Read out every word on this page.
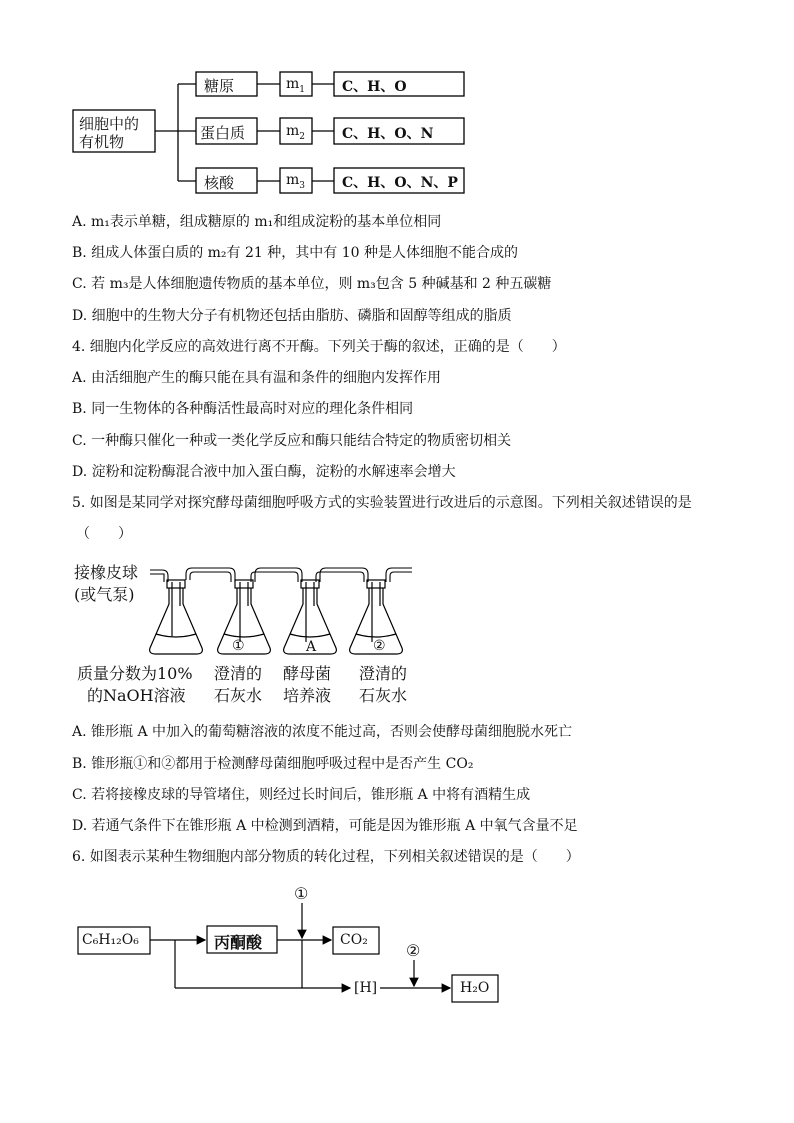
细胞中的
有机物
糖原
蛋白质
核酸
$m_1$
$m_2$
$m_3$
C、H、O
C、H、O、N
C、H、O、N、P
A. m₁表示单糖，组成糖原的 m₁和组成淀粉的基本单位相同
B. 组成人体蛋白质的 m₂有 21 种，其中有 10 种是人体细胞不能合成的
C. 若 m₃是人体细胞遗传物质的基本单位，则 m₃包含 5 种碱基和 2 种五碳糖
D. 细胞中的生物大分子有机物还包括由脂肪、磷脂和固醇等组成的脂质
4. 细胞内化学反应的高效进行离不开酶。下列关于酶的叙述，正确的是（　　）
A. 由活细胞产生的酶只能在具有温和条件的细胞内发挥作用
B. 同一生物体的各种酶活性最高时对应的理化条件相同
C. 一种酶只催化一种或一类化学反应和酶只能结合特定的物质密切相关
D. 淀粉和淀粉酶混合液中加入蛋白酶，淀粉的水解速率会增大
5. 如图是某同学对探究酵母菌细胞呼吸方式的实验装置进行改进后的示意图。下列相关叙述错误的是
（　　）
接橡皮球
(或气泵)
①	A	②
质量分数为10%
的NaOH溶液
澄清的
石灰水
酵母菌
培养液
澄清的
石灰水
A. 锥形瓶 A 中加入的葡萄糖溶液的浓度不能过高，否则会使酵母菌细胞脱水死亡
B. 锥形瓶①和②都用于检测酵母菌细胞呼吸过程中是否产生 CO₂
C. 若将接橡皮球的导管堵住，则经过长时间后，锥形瓶 A 中将有酒精生成
D. 若通气条件下在锥形瓶 A 中检测到酒精，可能是因为锥形瓶 A 中氧气含量不足
6. 如图表示某种生物细胞内部分物质的转化过程，下列相关叙述错误的是（　　）
C₆H₁₂O₆	丙酮酸	CO₂
[H]	H₂O
①
②
